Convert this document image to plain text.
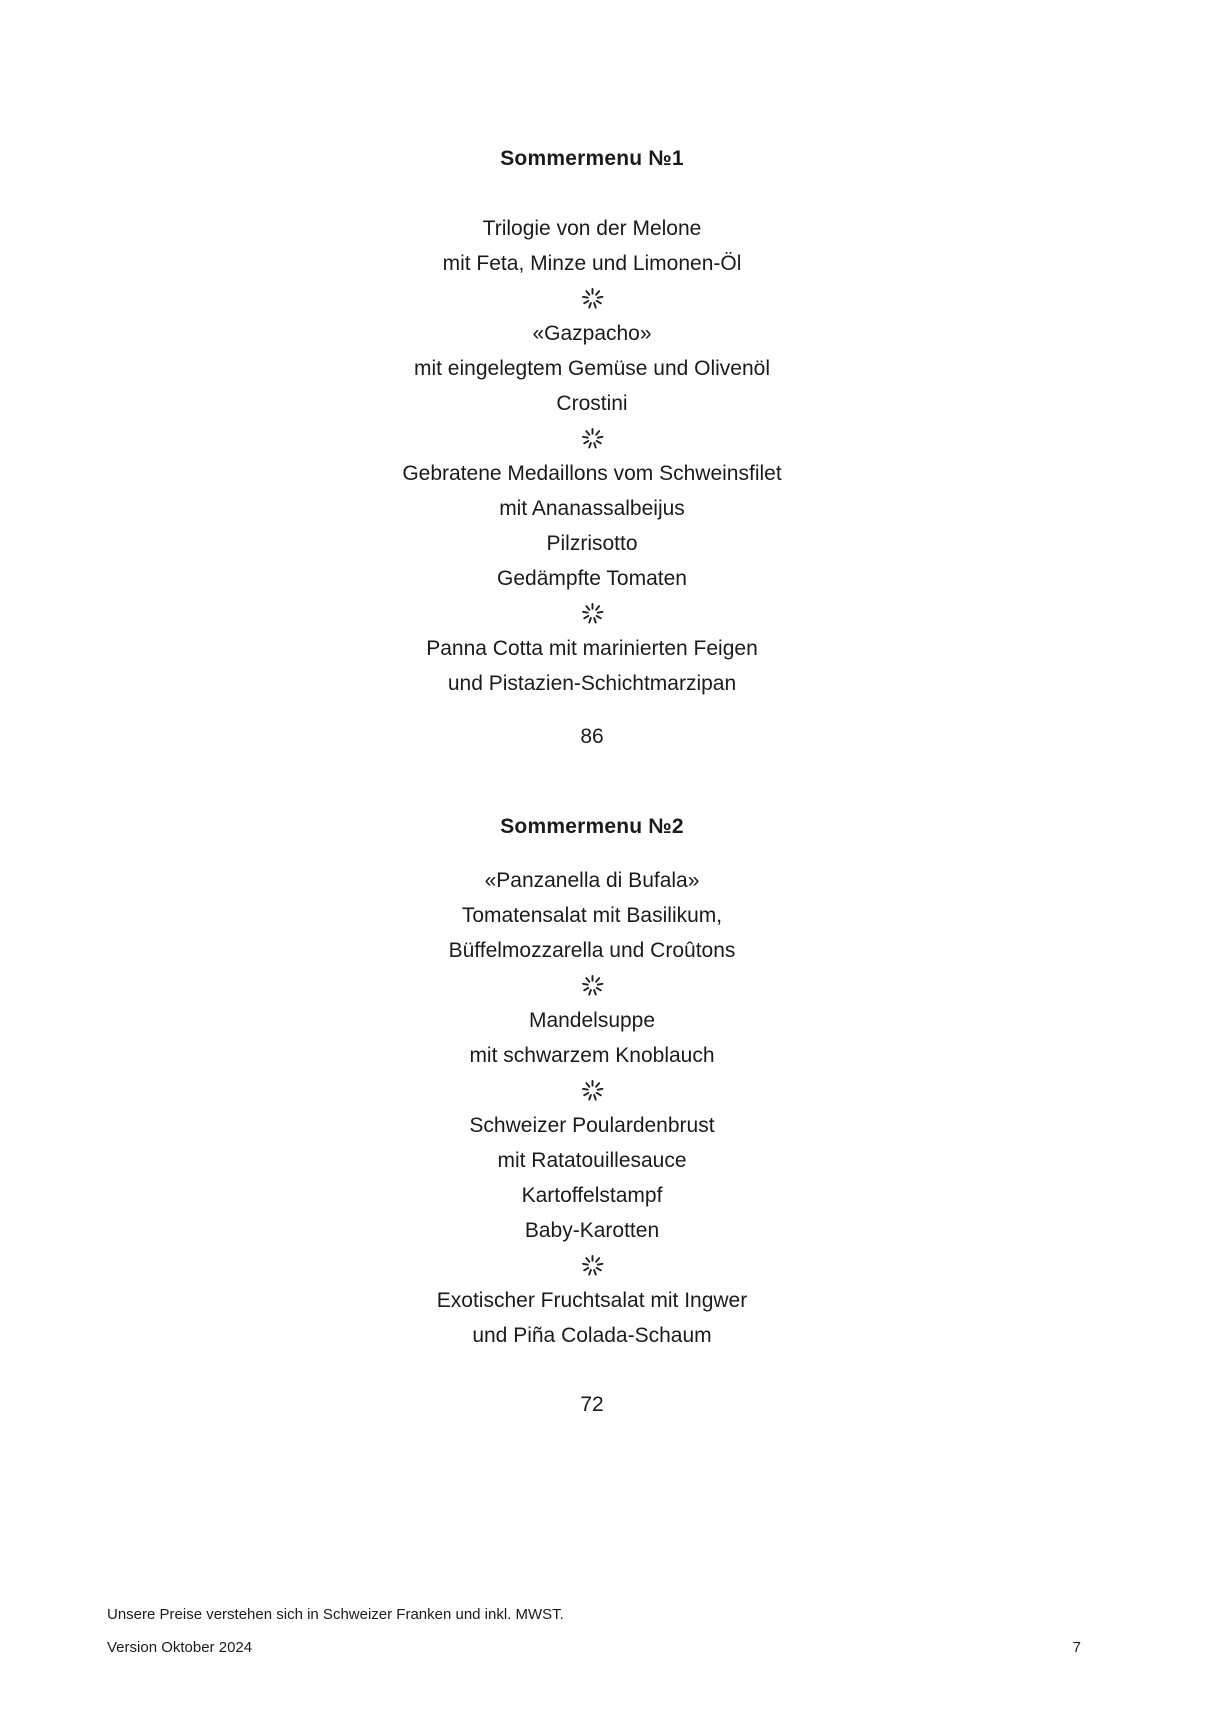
Sommermenu №1

Trilogie von der Melone

mit Feta, Minze und Limonen-Öl

«Gazpacho»

mit eingelegtem Gemüse und Olivenöl

Crostini

Gebratene Medaillons vom Schweinsfilet

mit Ananassalbeijus

Pilzrisotto

Gedämpfte Tomaten

Panna Cotta mit marinierten Feigen

und Pistazien-Schichtmarzipan

86

Sommermenu №2

«Panzanella di Bufala»

Tomatensalat mit Basilikum,

Büffelmozzarella und Croûtons

Mandelsuppe

mit schwarzem Knoblauch

Schweizer Poulardenbrust

mit Ratatouillesauce

Kartoffelstampf

Baby-Karotten

Exotischer Fruchtsalat mit Ingwer

und Piña Colada-Schaum

72

Unsere Preise verstehen sich in Schweizer Franken und inkl. MWST.

Version Oktober 2024	7
